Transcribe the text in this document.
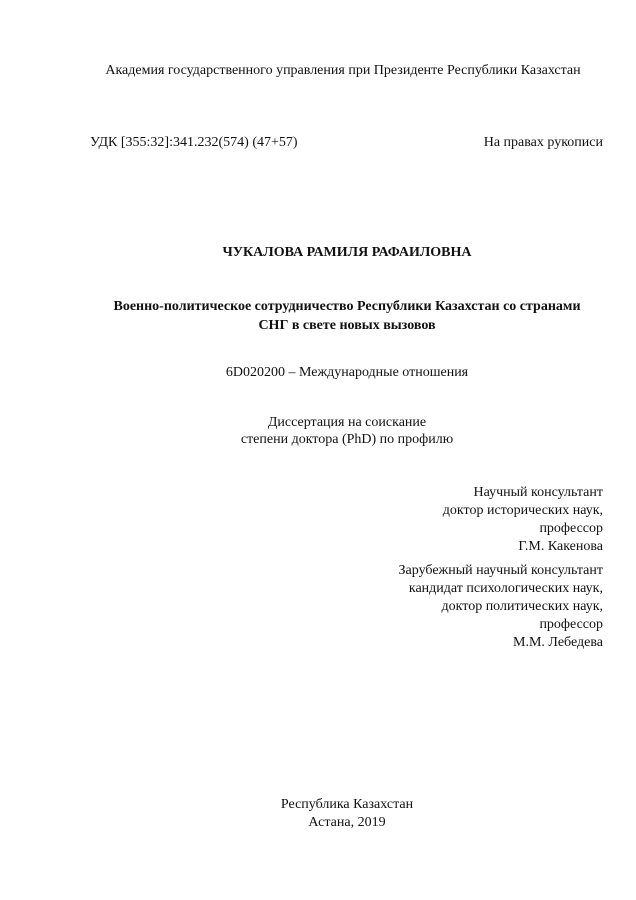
Академия государственного управления при Президенте Республики Казахстан
УДК [355:32]:341.232(574) (47+57)	На правах рукописи
ЧУКАЛОВА РАМИЛЯ РАФАИЛОВНА
Военно-политическое сотрудничество Республики Казахстан со странами
СНГ в свете новых вызовов
6D020200 – Международные отношения
Диссертация на соискание
степени доктора (PhD) по профилю
Научный консультант
доктор исторических наук,
профессор
Г.М. Какенова
Зарубежный научный консультант
кандидат психологических наук,
доктор политических наук,
профессор
М.М. Лебедева
Республика Казахстан
Астана, 2019
